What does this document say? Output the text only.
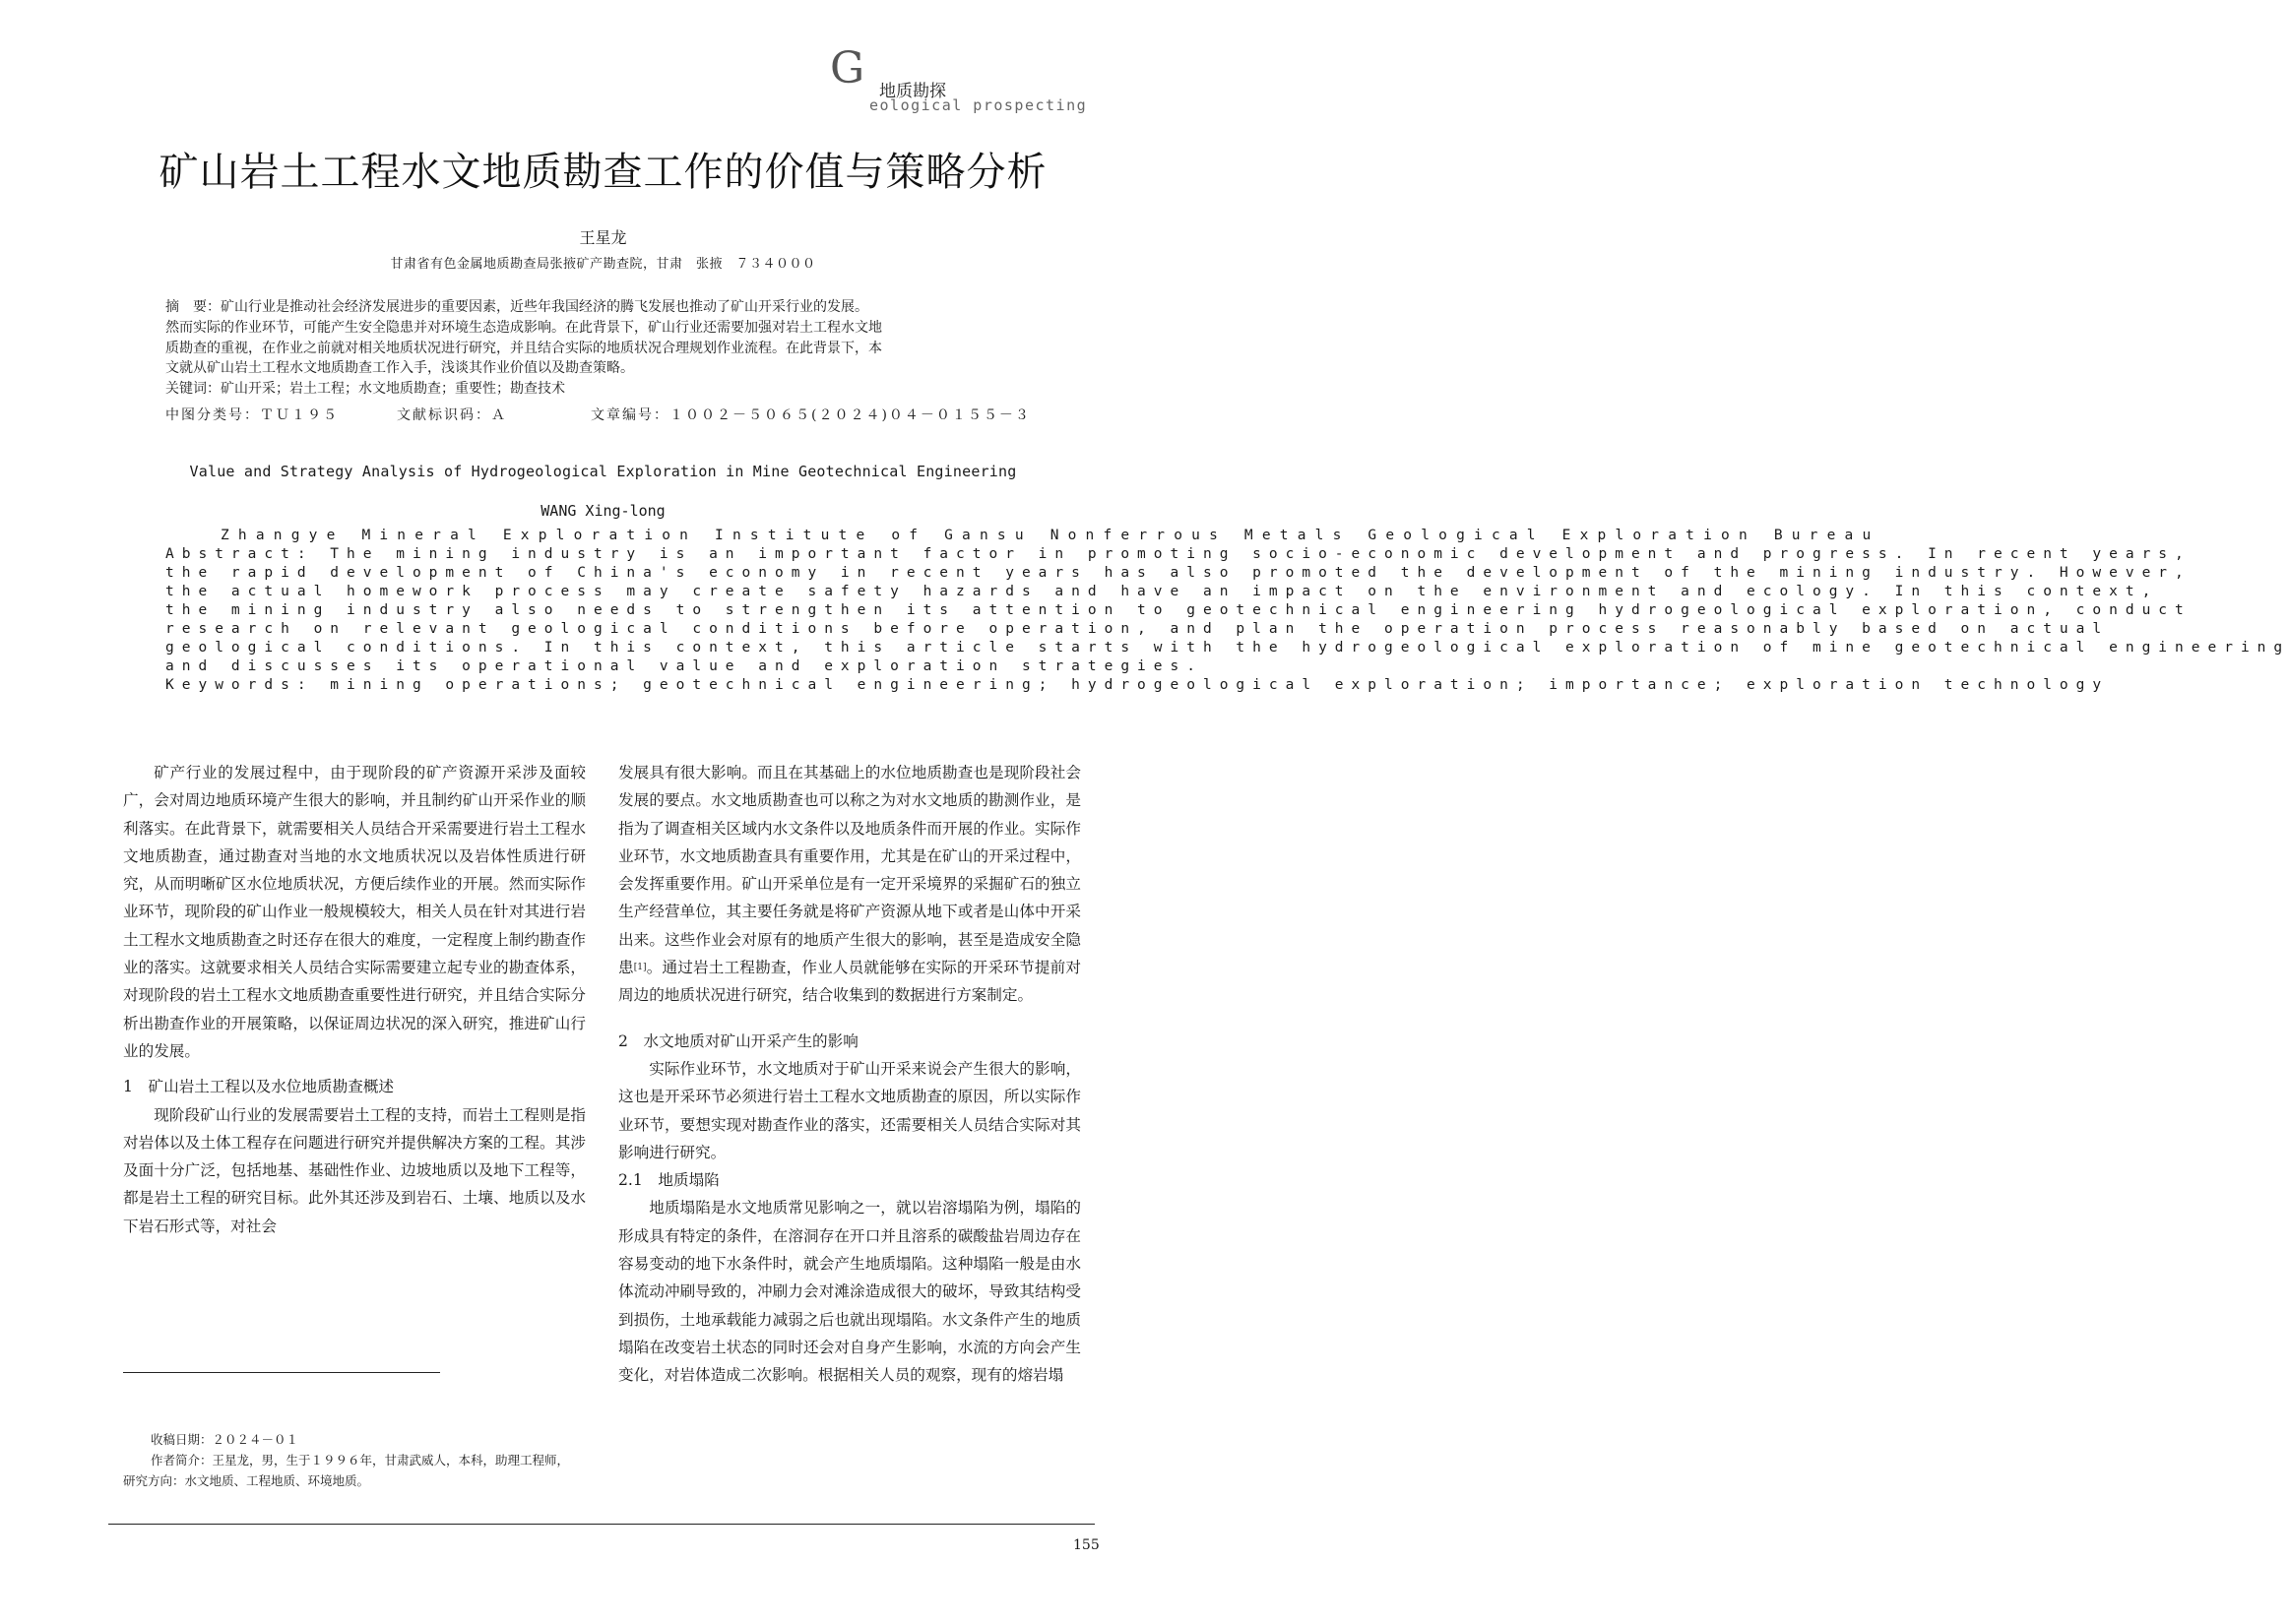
G 地质勘探
eological prospecting
矿山岩土工程水文地质勘查工作的价值与策略分析
王星龙
甘肃省有色金属地质勘查局张掖矿产勘查院，甘肃　张掖　７３４０００

摘　要：矿山行业是推动社会经济发展进步的重要因素，近些年我国经济的腾飞发展也推动了矿山开采行业的发展。

然而实际的作业环节，可能产生安全隐患并对环境生态造成影响。在此背景下，矿山行业还需要加强对岩土工程水文地

质勘查的重视，在作业之前就对相关地质状况进行研究，并且结合实际的地质状况合理规划作业流程。在此背景下，本

文就从矿山岩土工程水文地质勘查工作入手，浅谈其作业价值以及勘查策略。

关键词：矿山开采；岩土工程；水文地质勘查；重要性；勘查技术

中图分类号：ＴＵ１９５	文献标识码：Ａ	文章编号：１００２－５０６５(２０２４)０４－０１５５－３
Value and Strategy Analysis of Hydrogeological Exploration in Mine Geotechnical Engineering
WANG Xing-long
Zhangye Mineral Exploration Institute of Gansu Nonferrous Metals Geological Exploration Bureau
Abstract: The mining industry is an important factor in promoting socio-economic development and progress. In recent years,
the rapid development of China's economy in recent years has also promoted the development of the mining industry. However,
the actual homework process may create safety hazards and have an impact on the environment and ecology. In this context,
the mining industry also needs to strengthen its attention to geotechnical engineering hydrogeological exploration, conduct
research on relevant geological conditions before operation, and plan the operation process reasonably based on actual
geological conditions. In this context, this article starts with the hydrogeological exploration of mine geotechnical engineering
and discusses its operational value and exploration strategies.
Keywords: mining operations; geotechnical engineering; hydrogeological exploration; importance; exploration technology

矿产行业的发展过程中，由于现阶段的矿产资源开采涉及面较广，会对周边地质环境产生很大的影响，并且制约矿山开采作业的顺利落实。在此背景下，就需要相关人员结合开采需要进行岩土工程水文地质勘查，通过勘查对当地的水文地质状况以及岩体性质进行研究，从而明晰矿区水位地质状况，方便后续作业的开展。然而实际作业环节，现阶段的矿山作业一般规模较大，相关人员在针对其进行岩土工程水文地质勘查之时还存在很大的难度，一定程度上制约勘查作业的落实。这就要求相关人员结合实际需要建立起专业的勘查体系，对现阶段的岩土工程水文地质勘查重要性进行研究，并且结合实际分析出勘查作业的开展策略，以保证周边状况的深入研究，推进矿山行业的发展。

1　矿山岩土工程以及水位地质勘查概述

现阶段矿山行业的发展需要岩土工程的支持，而岩土工程则是指对岩体以及土体工程存在问题进行研究并提供解决方案的工程。其涉及面十分广泛，包括地基、基础性作业、边坡地质以及地下工程等，都是岩土工程的研究目标。此外其还涉及到岩石、土壤、地质以及水下岩石形式等，对社会

发展具有很大影响。而且在其基础上的水位地质勘查也是现阶段社会发展的要点。水文地质勘查也可以称之为对水文地质的勘测作业，是指为了调查相关区域内水文条件以及地质条件而开展的作业。实际作业环节，水文地质勘查具有重要作用，尤其是在矿山的开采过程中，会发挥重要作用。矿山开采单位是有一定开采境界的采掘矿石的独立生产经营单位，其主要任务就是将矿产资源从地下或者是山体中开采出来。这些作业会对原有的地质产生很大的影响，甚至是造成安全隐患[1]。通过岩土工程勘查，作业人员就能够在实际的开采环节提前对周边的地质状况进行研究，结合收集到的数据进行方案制定。

2　水文地质对矿山开采产生的影响

实际作业环节，水文地质对于矿山开采来说会产生很大的影响，这也是开采环节必须进行岩土工程水文地质勘查的原因，所以实际作业环节，要想实现对勘查作业的落实，还需要相关人员结合实际对其影响进行研究。

2.1　地质塌陷

地质塌陷是水文地质常见影响之一，就以岩溶塌陷为例，塌陷的形成具有特定的条件，在溶洞存在开口并且溶系的碳酸盐岩周边存在容易变动的地下水条件时，就会产生地质塌陷。这种塌陷一般是由水体流动冲刷导致的，冲刷力会对滩涂造成很大的破坏，导致其结构受到损伤，土地承载能力减弱之后也就出现塌陷。水文条件产生的地质塌陷在改变岩土状态的同时还会对自身产生影响，水流的方向会产生变化，对岩体造成二次影响。根据相关人员的观察，现有的熔岩塌

收稿日期：２０２４－０１
作者简介：王星龙，男，生于１９９６年，甘肃武威人，本科，助理工程师，
研究方向：水文地质、工程地质、环境地质。
155
